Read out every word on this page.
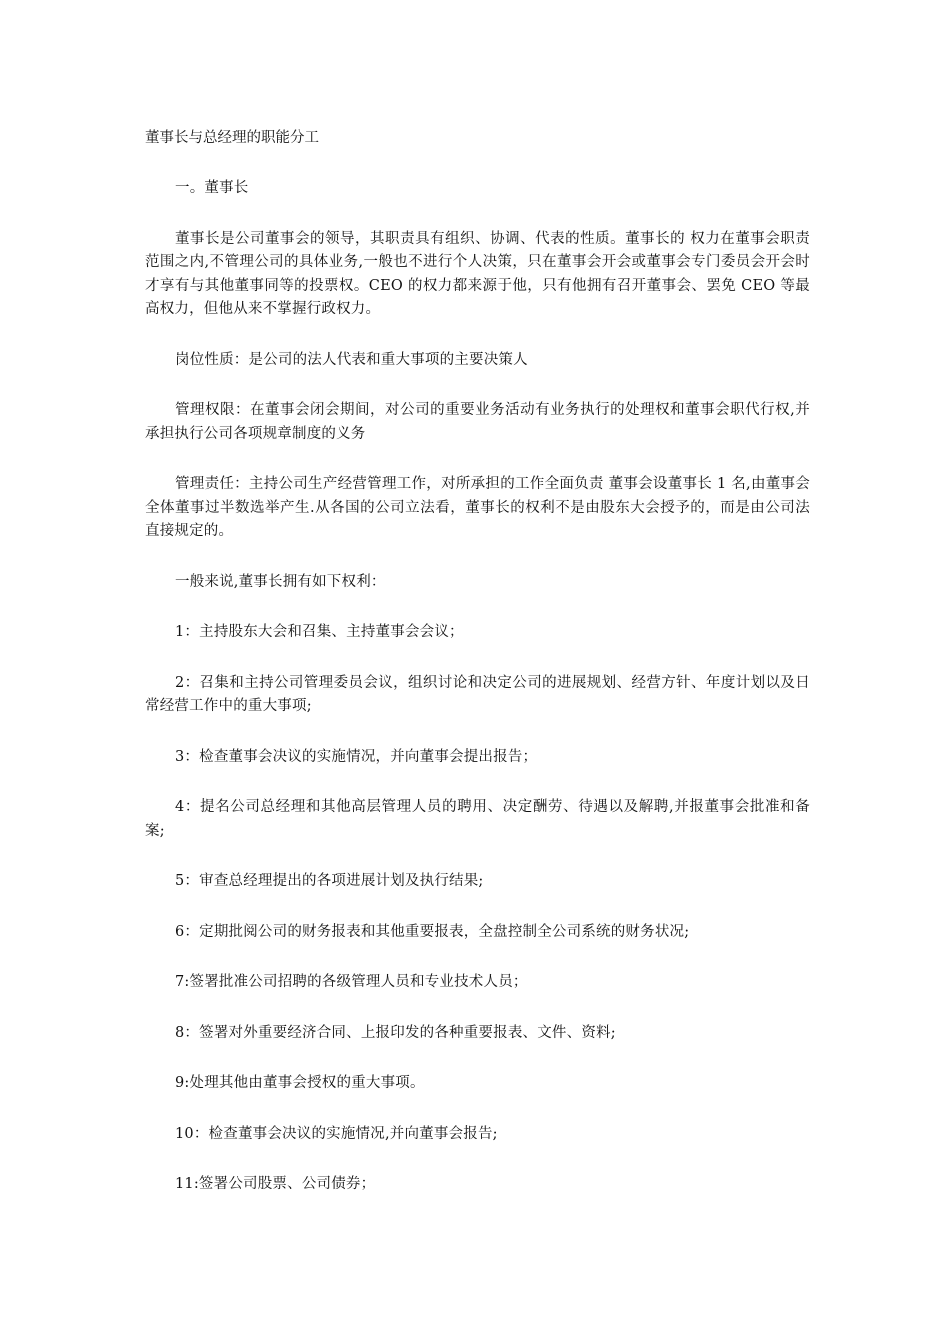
董事长与总经理的职能分工

一。董事长

董事长是公司董事会的领导，其职责具有组织、协调、代表的性质。董事长的 权力在董事会职责范围之内,不管理公司的具体业务,一般也不进行个人决策，只在董事会开会或董事会专门委员会开会时才享有与其他董事同等的投票权。CEO 的权力都来源于他，只有他拥有召开董事会、罢免 CEO 等最高权力，但他从来不掌握行政权力。

岗位性质：是公司的法人代表和重大事项的主要决策人

管理权限：在董事会闭会期间，对公司的重要业务活动有业务执行的处理权和董事会职代行权,并承担执行公司各项规章制度的义务

管理责任：主持公司生产经营管理工作，对所承担的工作全面负责 董事会设董事长 1 名,由董事会全体董事过半数选举产生.从各国的公司立法看，董事长的权利不是由股东大会授予的，而是由公司法直接规定的。

一般来说,董事长拥有如下权利：

1：主持股东大会和召集、主持董事会会议；

2：召集和主持公司管理委员会议，组织讨论和决定公司的进展规划、经营方针、年度计划以及日常经营工作中的重大事项;

3：检查董事会决议的实施情况，并向董事会提出报告；

4：提名公司总经理和其他高层管理人员的聘用、决定酬劳、待遇以及解聘,并报董事会批准和备案;

5：审查总经理提出的各项进展计划及执行结果;

6：定期批阅公司的财务报表和其他重要报表，全盘控制全公司系统的财务状况;

7:签署批准公司招聘的各级管理人员和专业技术人员；

8：签署对外重要经济合同、上报印发的各种重要报表、文件、资料;

9:处理其他由董事会授权的重大事项。

10：检查董事会决议的实施情况,并向董事会报告;

11:签署公司股票、公司债券；
